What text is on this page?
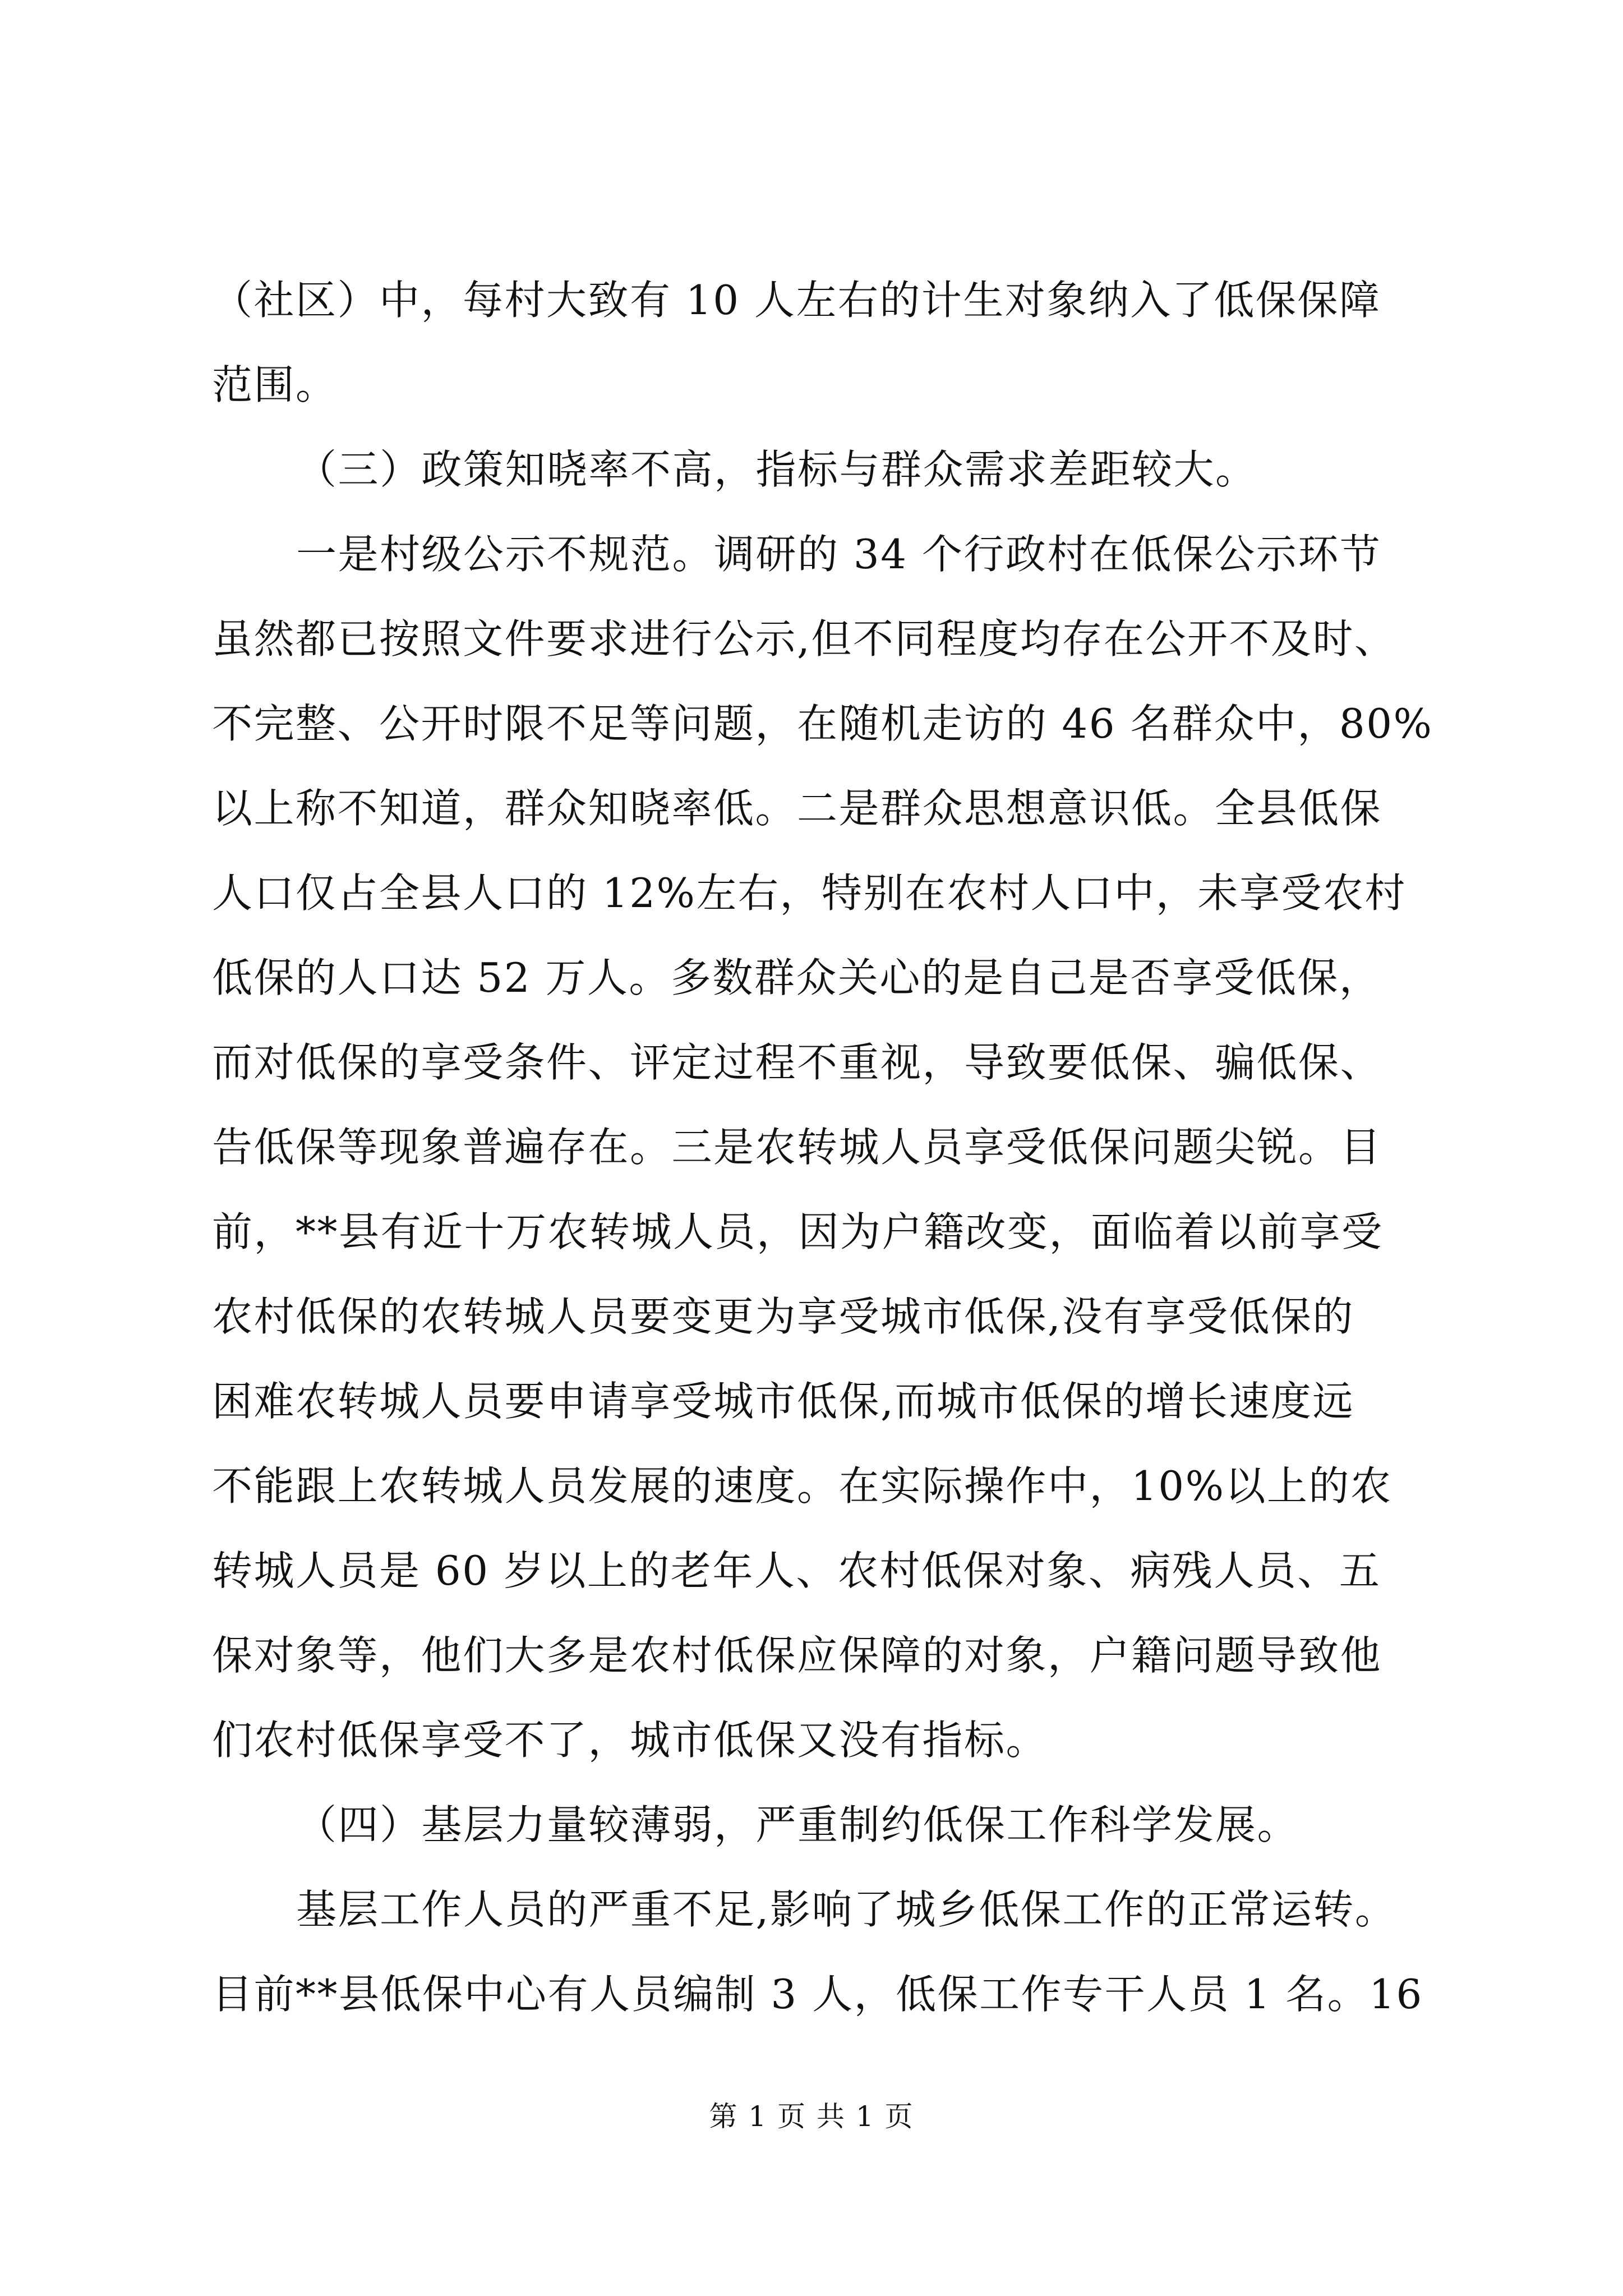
（社区）中，每村大致有 10 人左右的计生对象纳入了低保保障
范围。
（三）政策知晓率不高，指标与群众需求差距较大。
一是村级公示不规范。调研的 34 个行政村在低保公示环节
虽然都已按照文件要求进行公示,但不同程度均存在公开不及时、
不完整、公开时限不足等问题，在随机走访的 46 名群众中，80%
以上称不知道，群众知晓率低。二是群众思想意识低。全县低保
人口仅占全县人口的 12%左右，特别在农村人口中，未享受农村
低保的人口达 52 万人。多数群众关心的是自己是否享受低保，
而对低保的享受条件、评定过程不重视，导致要低保、骗低保、
告低保等现象普遍存在。三是农转城人员享受低保问题尖锐。目
前，**县有近十万农转城人员，因为户籍改变，面临着以前享受
农村低保的农转城人员要变更为享受城市低保,没有享受低保的
困难农转城人员要申请享受城市低保,而城市低保的增长速度远
不能跟上农转城人员发展的速度。在实际操作中，10%以上的农
转城人员是 60 岁以上的老年人、农村低保对象、病残人员、五
保对象等，他们大多是农村低保应保障的对象，户籍问题导致他
们农村低保享受不了，城市低保又没有指标。
（四）基层力量较薄弱，严重制约低保工作科学发展。
基层工作人员的严重不足,影响了城乡低保工作的正常运转。
目前**县低保中心有人员编制 3 人，低保工作专干人员 1 名。16
第 1 页 共 1 页
